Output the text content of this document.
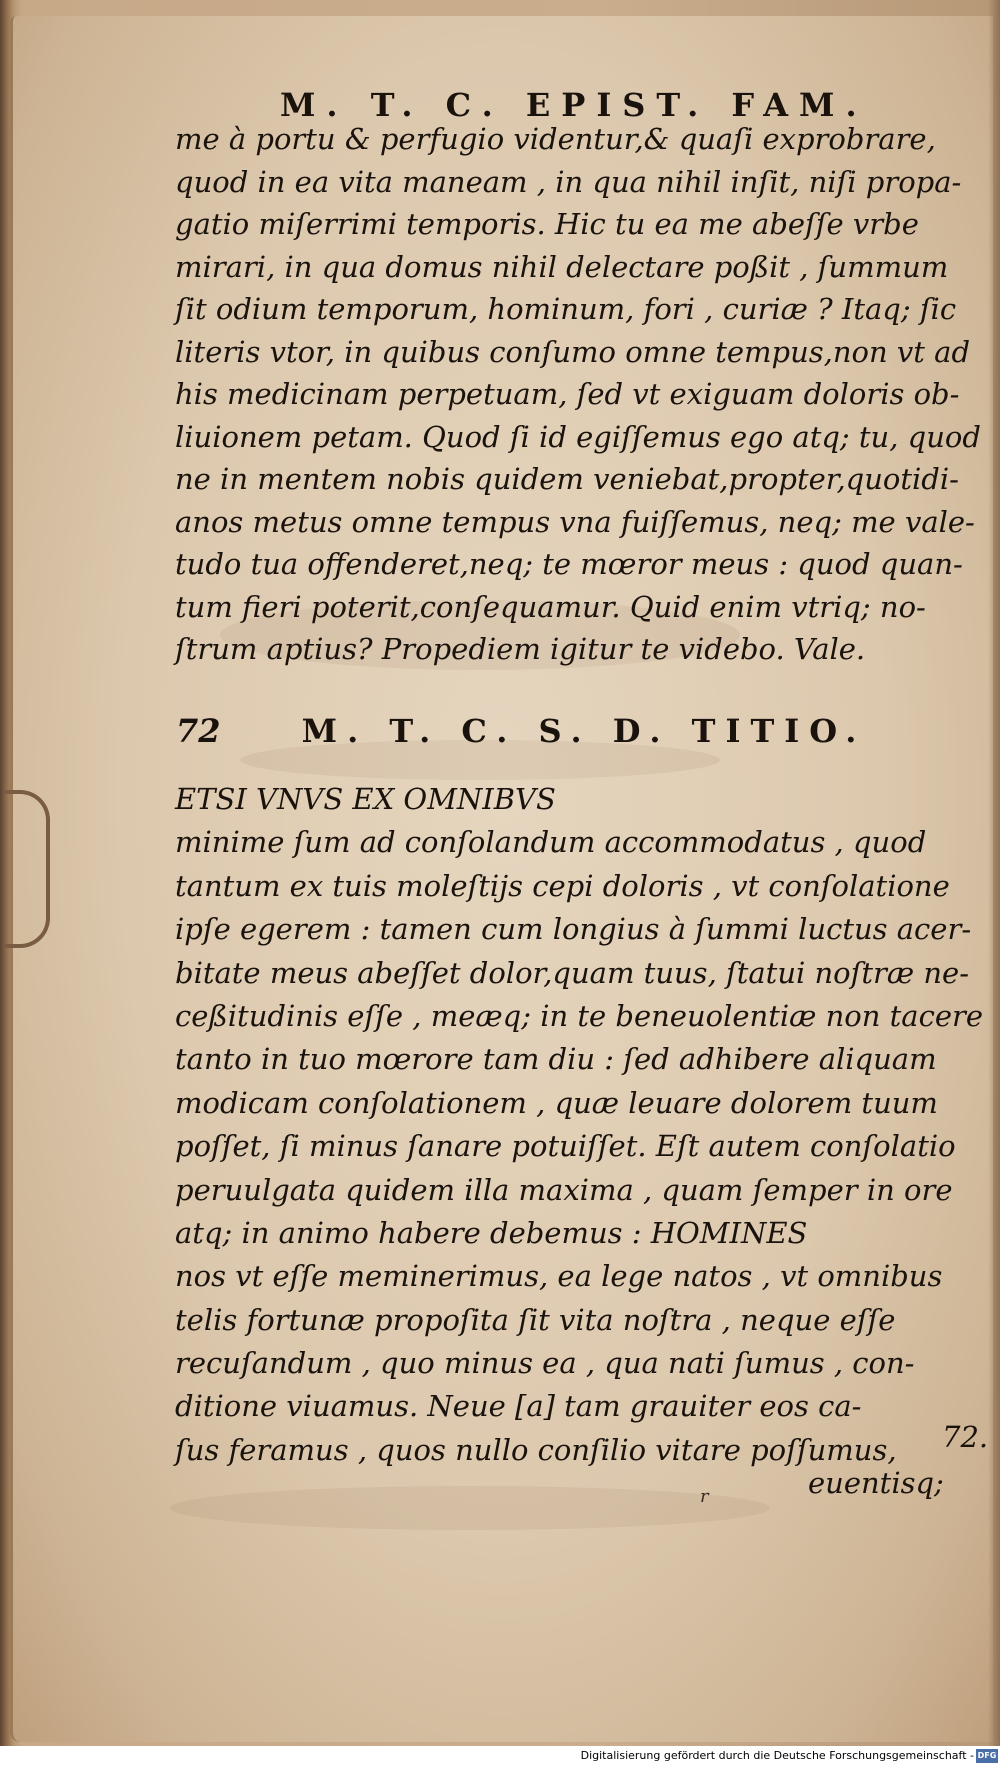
M. T. C. EPIST. FAM.
me à portu & perfugio videntur,& quaſi exprobrare,
quod in ea vita maneam , in qua nihil inſit, niſi propa-
gatio miſerrimi temporis. Hic tu ea me abeſſe vrbe
mirari, in qua domus nihil delectare poßit , ſummum
ſit odium temporum, hominum, fori , curiæ ? Itaq; ſic
literis vtor, in quibus conſumo omne tempus,non vt ad
his medicinam perpetuam, ſed vt exiguam doloris ob-
liuionem petam. Quod ſi id egiſſemus ego atq; tu, quod
ne in mentem nobis quidem veniebat,propter,quotidi-
anos metus omne tempus vna fuiſſemus, neq; me vale-
tudo tua offenderet,neq; te mœror meus : quod quan-
tum fieri poterit,conſequamur. Quid enim vtriq; no-
ſtrum aptius? Propediem igitur te videbo. Vale.
72	M. T. C. S. D. TITIO.
ETSI VNVS EX OMNIBVS
minime ſum ad conſolandum accommodatus , quod
tantum ex tuis moleſtijs cepi doloris , vt conſolatione
ipſe egerem : tamen cum longius à ſummi luctus acer-
bitate meus abeſſet dolor,quam tuus, ſtatui noſtræ ne-
ceßitudinis eſſe , meæq; in te beneuolentiæ non tacere
tanto in tuo mœrore tam diu : ſed adhibere aliquam
modicam conſolationem , quæ leuare dolorem tuum
poſſet, ſi minus ſanare potuiſſet. Eſt autem conſolatio
peruulgata quidem illa maxima , quam ſemper in ore
atq; in animo habere debemus : HOMINES
nos vt eſſe meminerimus, ea lege natos , vt omnibus
telis fortunæ propoſita ſit vita noſtra , neque eſſe
recuſandum , quo minus ea , qua nati ſumus , con-
ditione viuamus. Neue [a] tam grauiter eos ca-
ſus feramus , quos nullo conſilio vitare poſſumus,	72.
r	euentisq;
Digitalisierung gefördert durch die Deutsche Forschungsgemeinschaft - DFG
